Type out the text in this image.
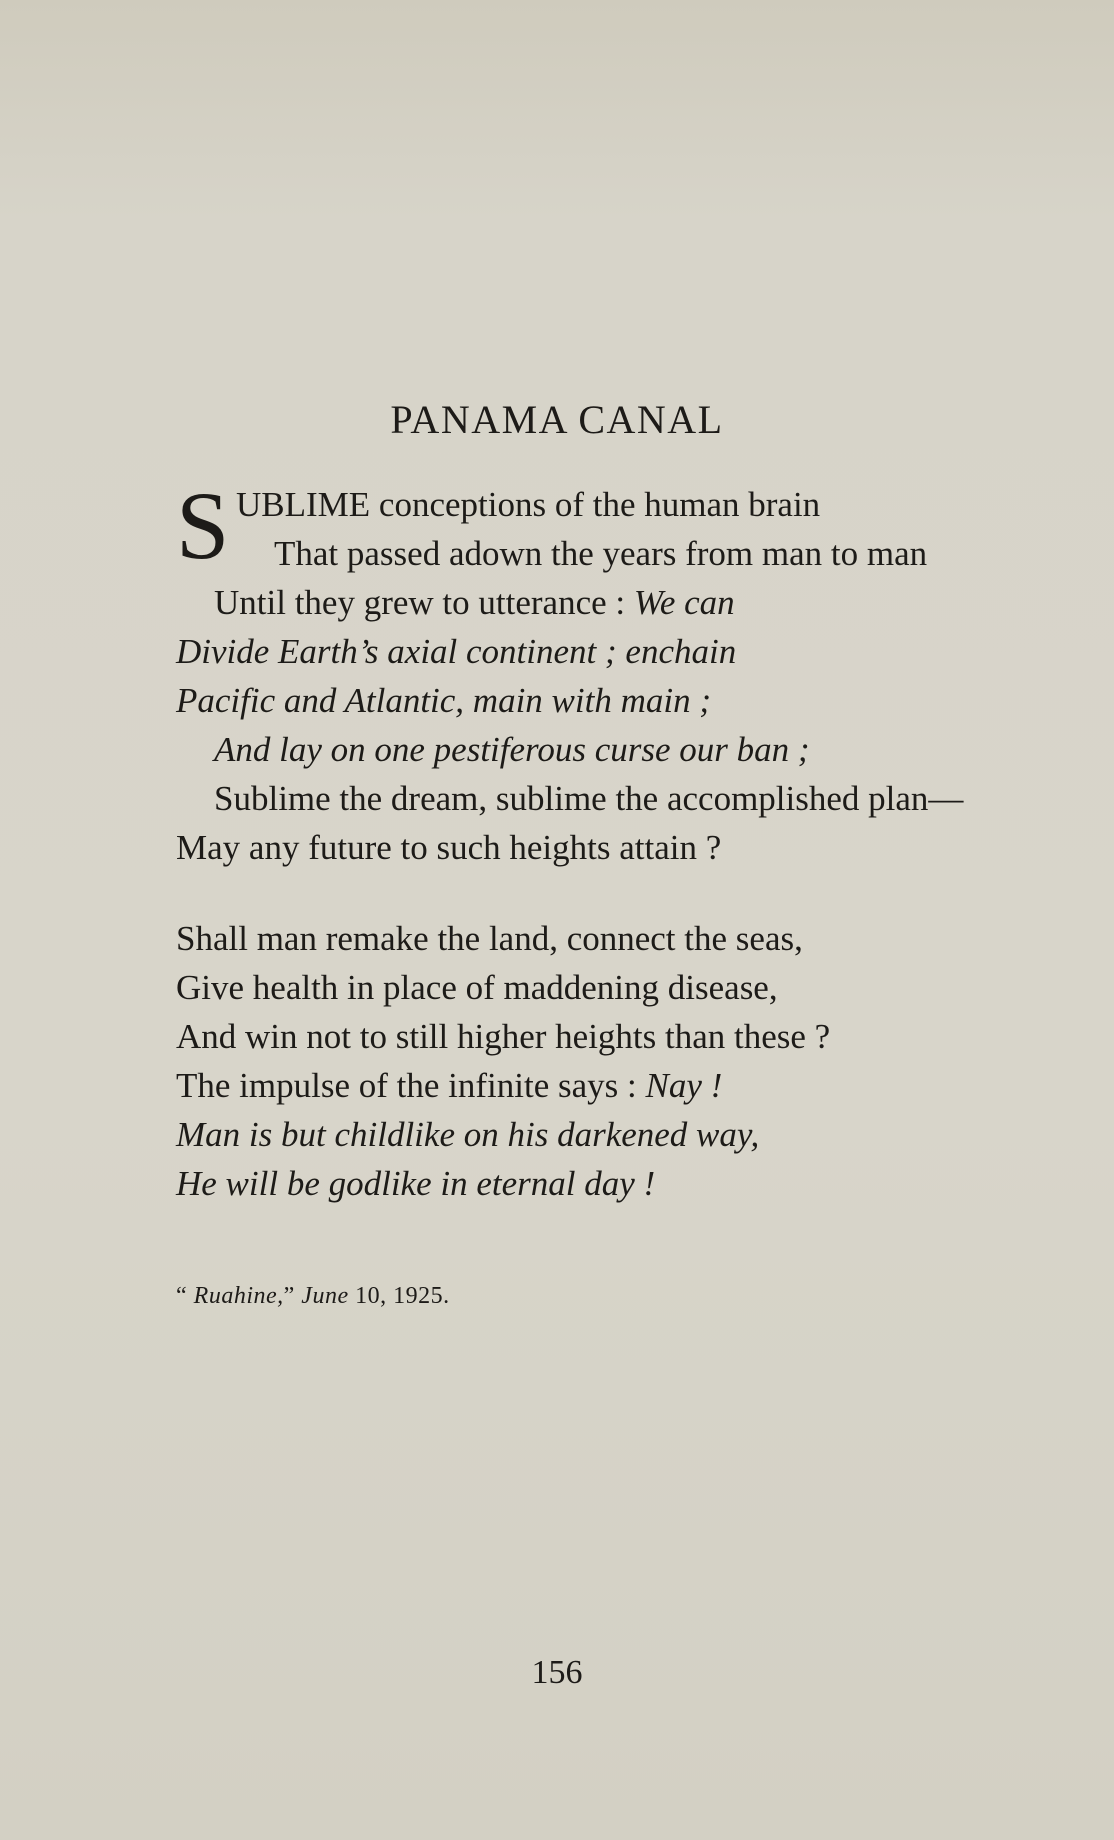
PANAMA CANAL
S UBLIME conceptions of the human brain
That passed adown the years from man to man
Until they grew to utterance : We can
Divide Earth’s axial continent ; enchain
Pacific and Atlantic, main with main ;
And lay on one pestiferous curse our ban ;
Sublime the dream, sublime the accomplished plan—
May any future to such heights attain ?
Shall man remake the land, connect the seas,
Give health in place of maddening disease,
And win not to still higher heights than these ?
The impulse of the infinite says : Nay !
Man is but childlike on his darkened way,
He will be godlike in eternal day !
“ Ruahine,” June 10, 1925.
156
